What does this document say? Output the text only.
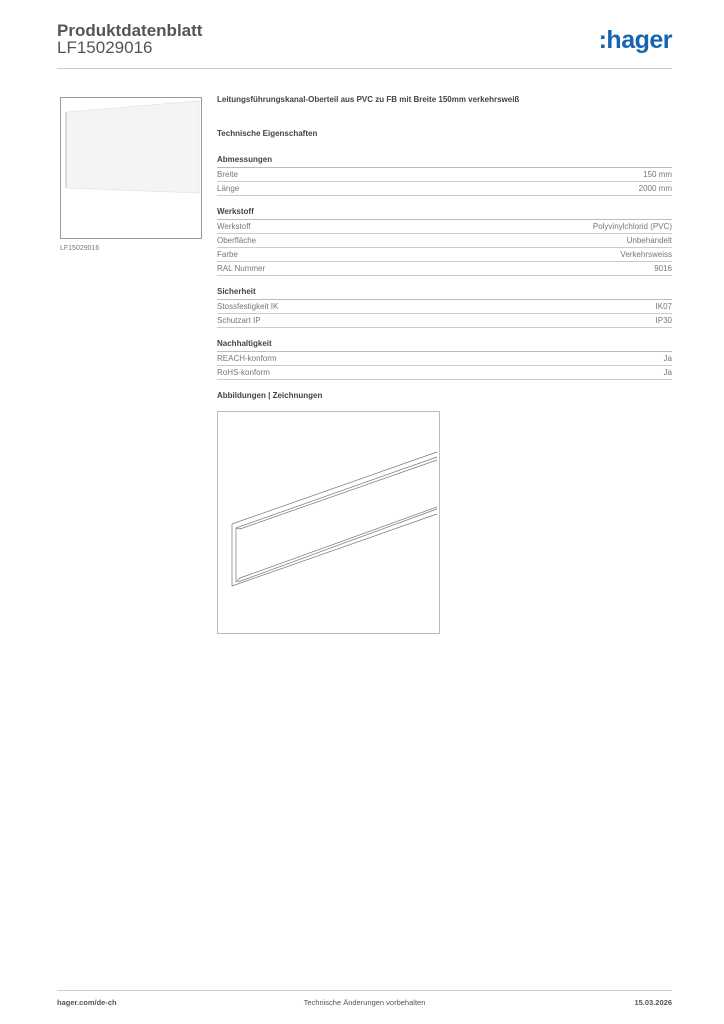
Produktdatenblatt
LF15029016	:hager
LF15029016
Leitungsführungskanal-Oberteil aus PVC zu FB mit Breite 150mm verkehrsweiß
Technische Eigenschaften
Abmessungen
Breite	150 mm
Länge	2000 mm
Werkstoff
Werkstoff	Polyvinylchlorid (PVC)
Oberfläche	Unbehandelt
Farbe	Verkehrsweiss
RAL Nummer	9016
Sicherheit
Stossfestigkeit IK	IK07
Schutzart IP	IP30
Nachhaltigkeit
REACH-konform	Ja
RoHS-konform	Ja
Abbildungen | Zeichnungen
hager.com/de-ch	Technische Änderungen vorbehalten	15.03.2026
